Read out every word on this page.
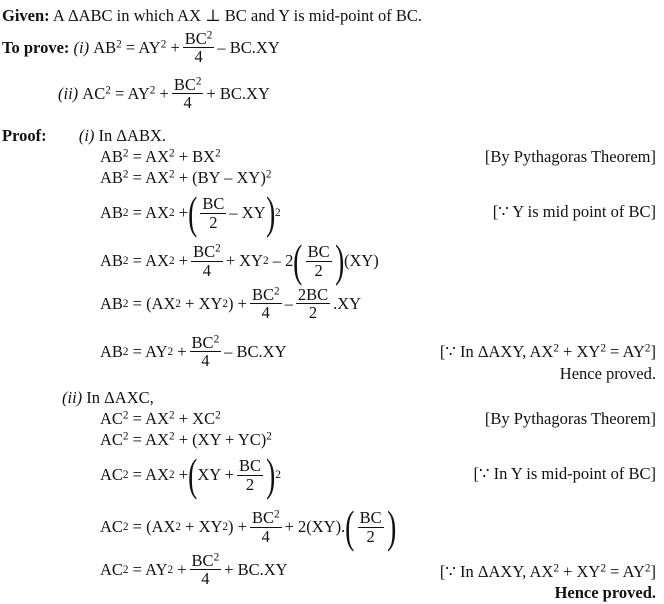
Given: A ΔABC in which AX ⊥ BC and Y is mid-point of BC.
To prove:
(i)
$AB^2$
= $AY^2 + \frac{BC^2}{4} - BC.XY$
(ii)
$AC^2$
= $AY^2 + \frac{BC^2}{4} + BC.XY$
Proof: (i) In ΔABX.
$AB^2 = AX^2 + BX^2$	[By Pythagoras Theorem]
$AB^2 = AX^2 + (BY - XY)^2$
AB 2 = AX 2 + ( $\frac{BC}{2}$ – XY ) 2	[∵ Y is mid point of BC]
AB 2 = AX $2 + \frac{BC^2}{4}$ + XY 2 – 2 ( $\frac{BC}{2}$ ) (XY)
AB 2 = (AX 2 + XY 2 ) + $\frac{BC^2}{4} - \frac{2BC}{2} .XY$
AB 2 = AY $2 + \frac{BC^2}{4} - BC.XY$	[∵ In ΔAXY, $AX^2 + XY^2 = AY^2$]
Hence proved.
(ii) In ΔAXC,
$AC^2 = AX^2 + XC^2$	[By Pythagoras Theorem]
$AC^2 = AX^2 + (XY + YC)^2$
AC 2 = AX 2 + ( XY + $\frac{BC}{2}$ ) 2	[∵ In Y is mid-point of BC]
AC 2 = (AX 2 + XY 2 ) + $\frac{BC^2}{4} + 2(XY)$. ( $\frac{BC}{2}$ )
AC 2 = AY $2 + \frac{BC^2}{4} + BC.XY$	[∵ In ΔAXY, $AX^2 + XY^2 = AY^2$]
Hence proved.
